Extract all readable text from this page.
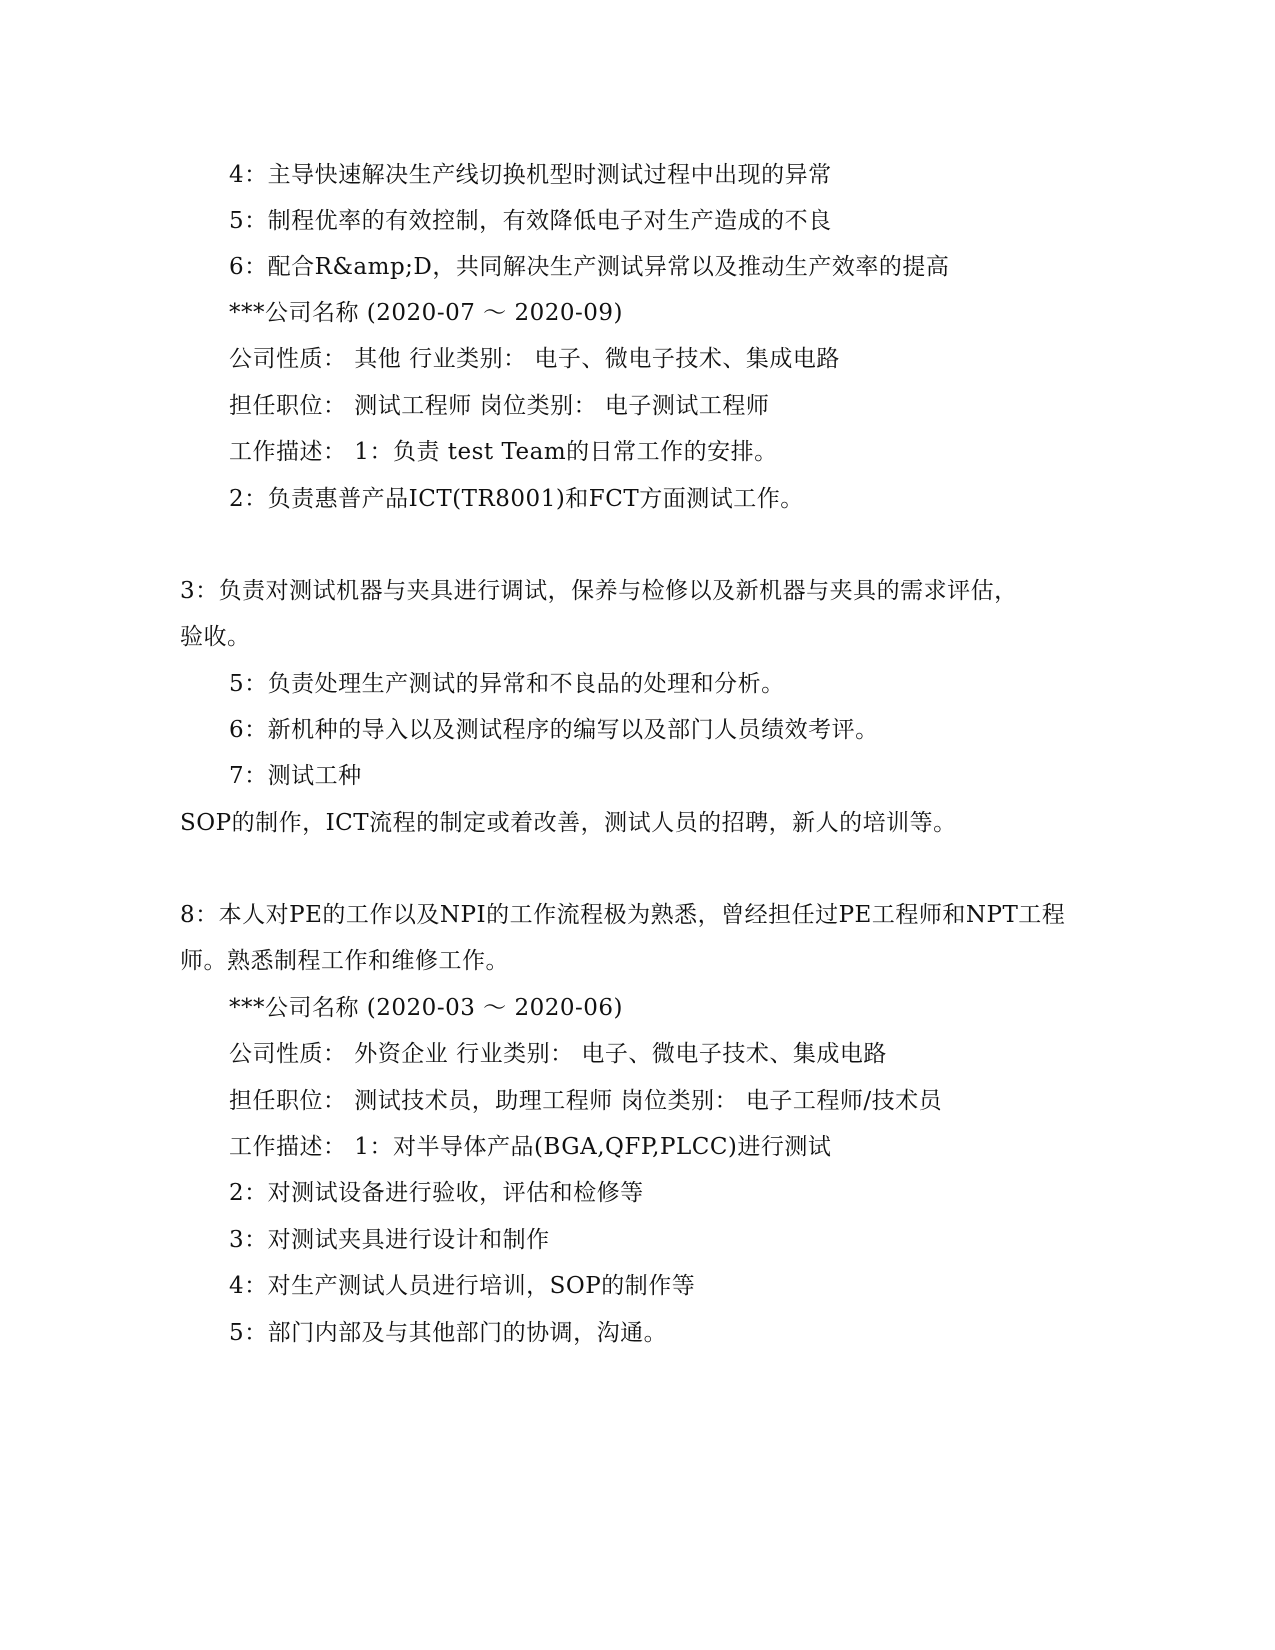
4：主导快速解决生产线切换机型时测试过程中出现的异常
5：制程优率的有效控制，有效降低电子对生产造成的不良
6：配合R&amp;D，共同解决生产测试异常以及推动生产效率的提高
***公司名称 (2020-07 ～ 2020-09)
公司性质： 其他 行业类别： 电子、微电子技术、集成电路
担任职位： 测试工程师 岗位类别： 电子测试工程师
工作描述： 1：负责 test Team的日常工作的安排。
2：负责惠普产品ICT(TR8001)和FCT方面测试工作。
3：负责对测试机器与夹具进行调试，保养与检修以及新机器与夹具的需求评估，
验收。
5：负责处理生产测试的异常和不良品的处理和分析。
6：新机种的导入以及测试程序的编写以及部门人员绩效考评。
7：测试工种
SOP的制作，ICT流程的制定或着改善，测试人员的招聘，新人的培训等。
8：本人对PE的工作以及NPI的工作流程极为熟悉，曾经担任过PE工程师和NPT工程
师。熟悉制程工作和维修工作。
***公司名称 (2020-03 ～ 2020-06)
公司性质： 外资企业 行业类别： 电子、微电子技术、集成电路
担任职位： 测试技术员，助理工程师 岗位类别： 电子工程师/技术员
工作描述： 1：对半导体产品(BGA,QFP,PLCC)进行测试
2：对测试设备进行验收，评估和检修等
3：对测试夹具进行设计和制作
4：对生产测试人员进行培训，SOP的制作等
5：部门内部及与其他部门的协调，沟通。
